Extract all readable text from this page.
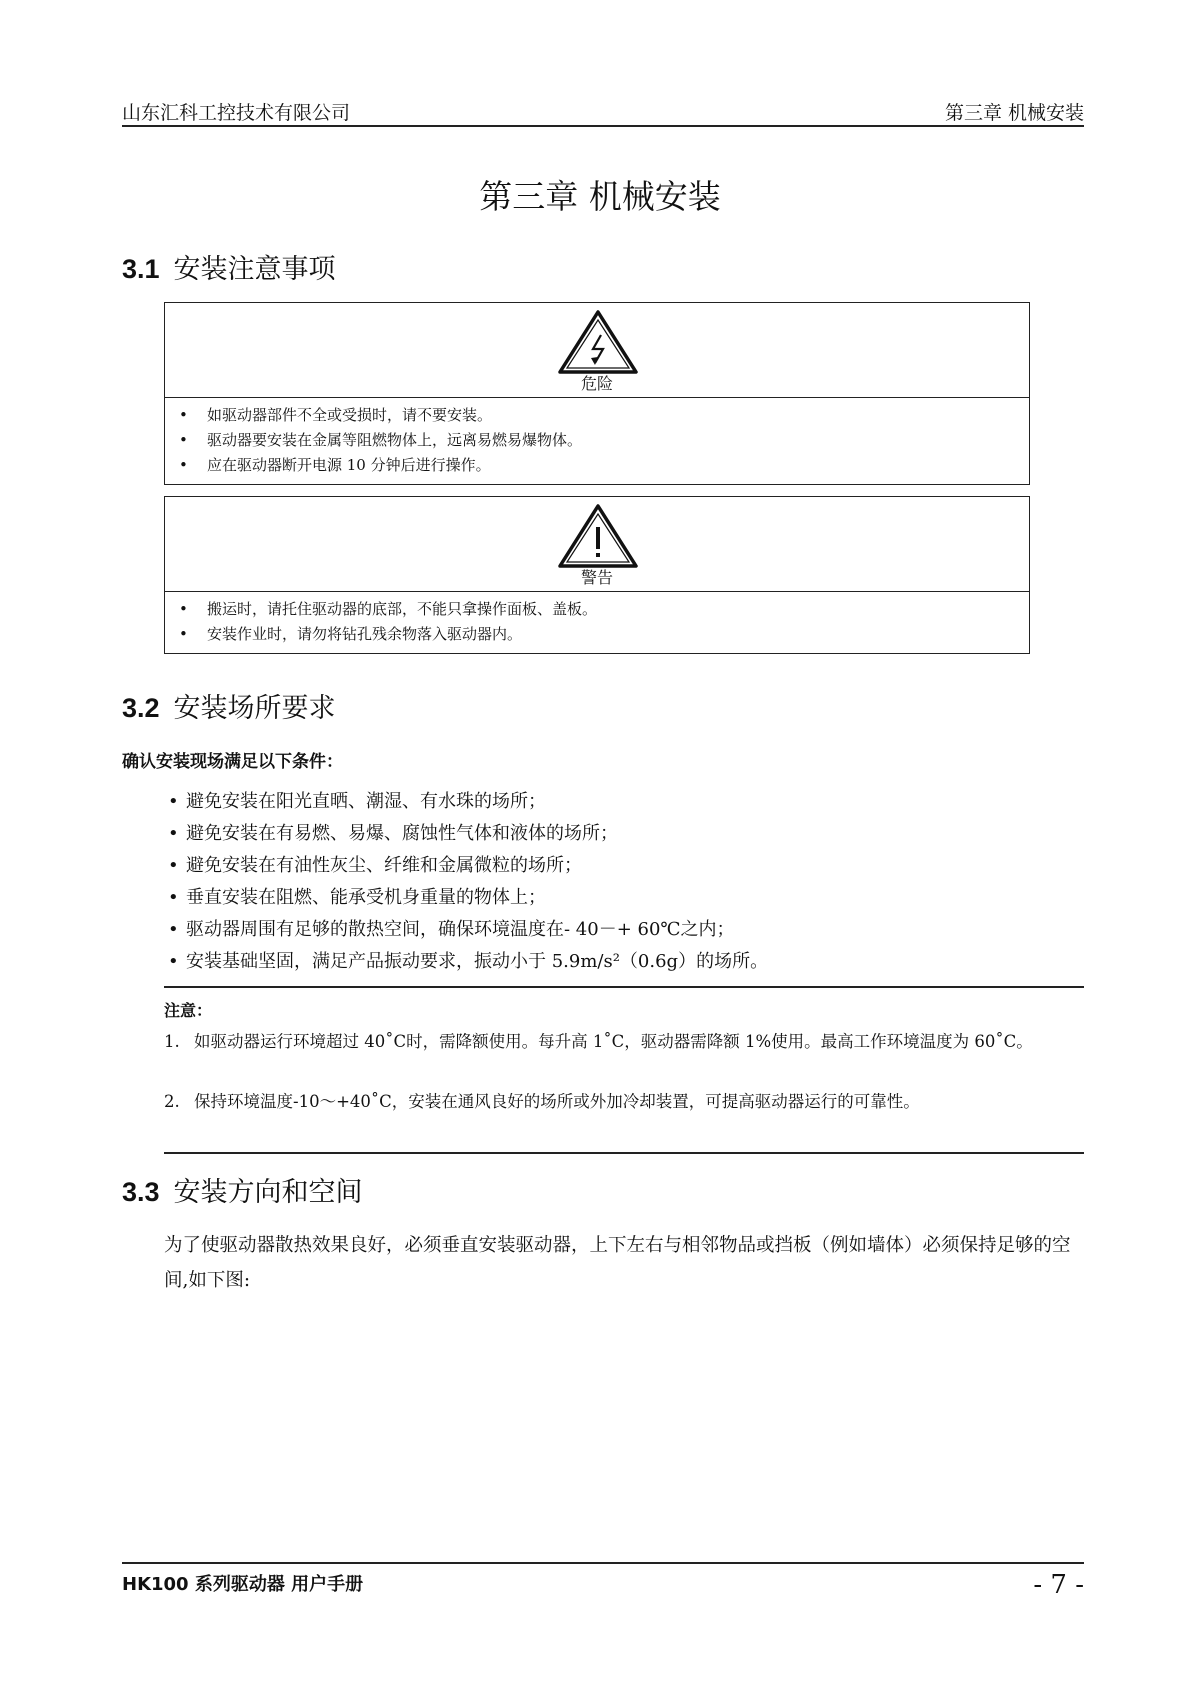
山东汇科工控技术有限公司	第三章 机械安装
第三章 机械安装
3.1 安装注意事项
危险
• 如驱动器部件不全或受损时，请不要安装。
• 驱动器要安装在金属等阻燃物体上，远离易燃易爆物体。
• 应在驱动器断开电源 10 分钟后进行操作。
警告
• 搬运时，请托住驱动器的底部，不能只拿操作面板、盖板。
• 安装作业时，请勿将钻孔残余物落入驱动器内。
3.2 安装场所要求
确认安装现场满足以下条件：
• 避免安装在阳光直晒、潮湿、有水珠的场所；
• 避免安装在有易燃、易爆、腐蚀性气体和液体的场所；
• 避免安装在有油性灰尘、纤维和金属微粒的场所；
• 垂直安装在阻燃、能承受机身重量的物体上；
• 驱动器周围有足够的散热空间，确保环境温度在- 40－+ 60℃之内；
• 安装基础坚固，满足产品振动要求，振动小于 5.9m/s²（0.6g）的场所。
注意：
1. 如驱动器运行环境超过 40˚C时，需降额使用。每升高 1˚C，驱动器需降额 1%使用。最高工作环境温度为 60˚C。
2. 保持环境温度-10～+40˚C，安装在通风良好的场所或外加冷却装置，可提高驱动器运行的可靠性。
3.3 安装方向和空间
为了使驱动器散热效果良好，必须垂直安装驱动器，上下左右与相邻物品或挡板（例如墙体）必须保持足够的空间,如下图:
HK100 系列驱动器 用户手册	- 7 -
